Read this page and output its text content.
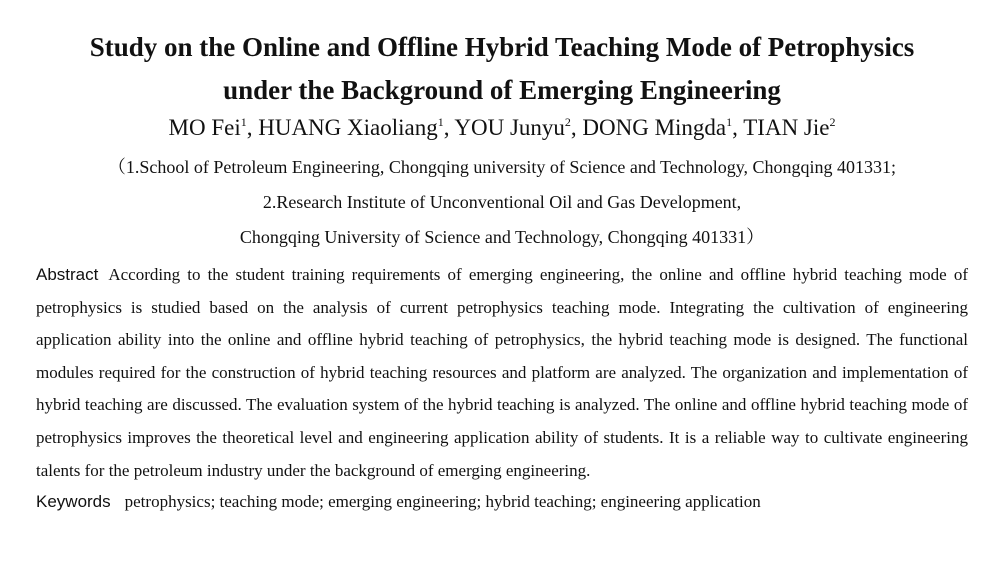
Study on the Online and Offline Hybrid Teaching Mode of Petrophysics
under the Background of Emerging Engineering

MO Fei$^1$, HUANG Xiaoliang$^1$, YOU Junyu$^2$, DONG Mingda$^1$, TIAN Jie$^2$

（1.School of Petroleum Engineering, Chongqing university of Science and Technology, Chongqing 401331;

2.Research Institute of Unconventional Oil and Gas Development,

Chongqing University of Science and Technology, Chongqing 401331）

Abstract According to the student training requirements of emerging engineering, the online and offline hybrid teaching mode of petrophysics is studied based on the analysis of current petrophysics teaching mode. Integrating the cultivation of engineering application ability into the online and offline hybrid teaching of petrophysics, the hybrid teaching mode is designed. The functional modules required for the construction of hybrid teaching resources and platform are analyzed. The organization and implementation of hybrid teaching are discussed. The evaluation system of the hybrid teaching is analyzed. The online and offline hybrid teaching mode of petrophysics improves the theoretical level and engineering application ability of students. It is a reliable way to cultivate engineering talents for the petroleum industry under the background of emerging engineering.

Keywords petrophysics; teaching mode; emerging engineering; hybrid teaching; engineering application
